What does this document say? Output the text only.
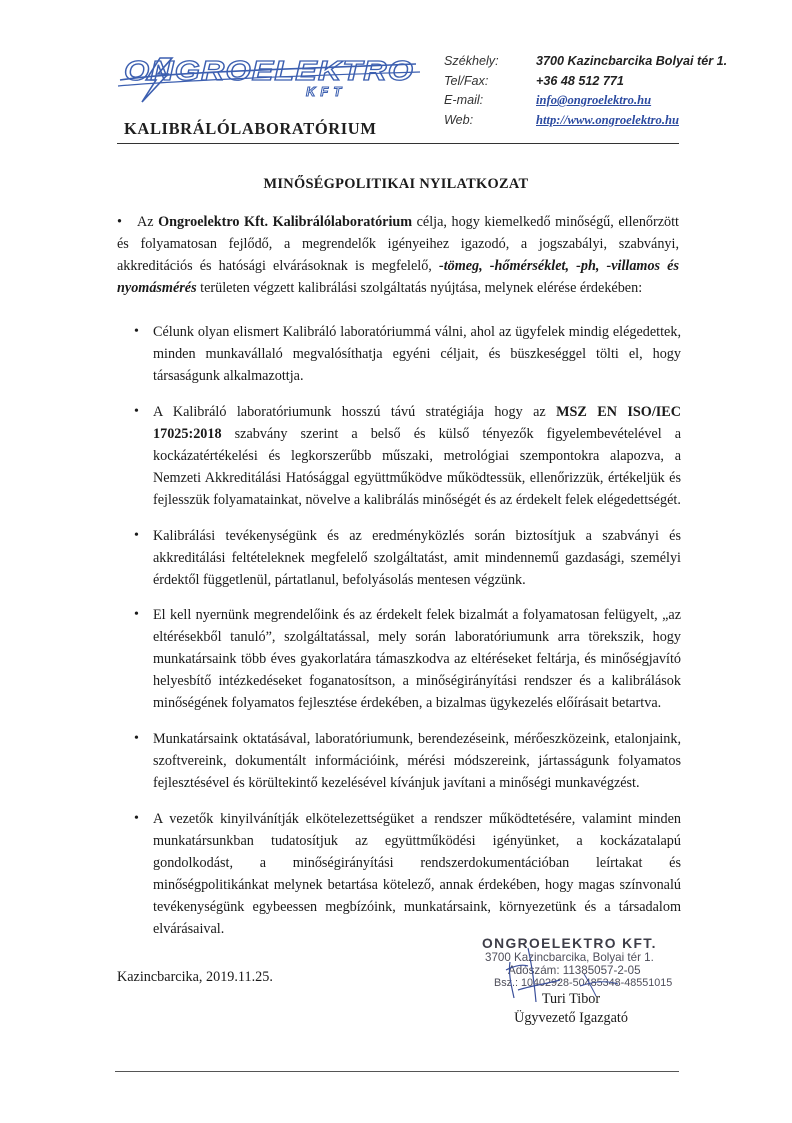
ONGROELEKTRO
KFT
KALIBRÁLÓLABORATÓRIUM
Székhely:	3700 Kazincbarcika Bolyai tér 1.
Tel/Fax:	+36 48 512 771
E-mail:	info@ongroelektro.hu
Web:	http://www.ongroelektro.hu
MINŐSÉGPOLITIKAI NYILATKOZAT

• Az Ongroelektro Kft. Kalibrálólaboratórium célja, hogy kiemelkedő minőségű, ellenőrzött és folyamatosan fejlődő, a megrendelők igényeihez igazodó, a jogszabályi, szabványi, akkreditációs és hatósági elvárásoknak is megfelelő, -tömeg, -hőmérséklet, -ph, -villamos és nyomásmérés területen végzett kalibrálási szolgáltatás nyújtása, melynek elérése érdekében:

• Célunk olyan elismert Kalibráló laboratóriummá válni, ahol az ügyfelek mindig elégedettek, minden munkavállaló megvalósíthatja egyéni céljait, és büszkeséggel tölti el, hogy társaságunk alkalmazottja.
• A Kalibráló laboratóriumunk hosszú távú stratégiája hogy az MSZ EN ISO/IEC 17025:2018 szabvány szerint a belső és külső tényezők figyelembevételével a kockázatértékelési és legkorszerűbb műszaki, metrológiai szempontokra alapozva, a Nemzeti Akkreditálási Hatósággal együttműködve működtessük, ellenőrizzük, értékeljük és fejlesszük folyamatainkat, növelve a kalibrálás minőségét és az érdekelt felek elégedettségét.
• Kalibrálási tevékenységünk és az eredményközlés során biztosítjuk a szabványi és akkreditálási feltételeknek megfelelő szolgáltatást, amit mindennemű gazdasági, személyi érdektől függetlenül, pártatlanul, befolyásolás mentesen végzünk.
• El kell nyernünk megrendelőink és az érdekelt felek bizalmát a folyamatosan felügyelt, „az eltérésekből tanuló”, szolgáltatással, mely során laboratóriumunk arra törekszik, hogy munkatársaink több éves gyakorlatára támaszkodva az eltéréseket feltárja, és minőségjavító helyesbítő intézkedéseket foganatosítson, a minőségirányítási rendszer és a kalibrálások minőségének folyamatos fejlesztése érdekében, a bizalmas ügykezelés előírásait betartva.
• Munkatársaink oktatásával, laboratóriumunk, berendezéseink, mérőeszközeink, etalonjaink, szoftvereink, dokumentált információink, mérési módszereink, jártasságunk folyamatos fejlesztésével és körültekintő kezelésével kívánjuk javítani a minőségi munkavégzést.
• A vezetők kinyilvánítják elkötelezettségüket a rendszer működtetésére, valamint minden munkatársunkban tudatosítjuk az együttműködési igényünket, a kockázatalapú gondolkodást, a minőségirányítási rendszerdokumentációban leírtakat és minőségpolitikánkat melynek betartása kötelező, annak érdekében, hogy magas színvonalú tevékenységünk egybeessen megbízóink, munkatársaink, környezetünk és a társadalom elvárásaival.
Kazincbarcika, 2019.11.25.
ONGROELEKTRO KFT.
3700 Kazincbarcika, Bolyai tér 1.
Adószám: 11385057-2-05
Bsz.: 10402928-50485348-48551015
Turi Tibor
Ügyvezető Igazgató
